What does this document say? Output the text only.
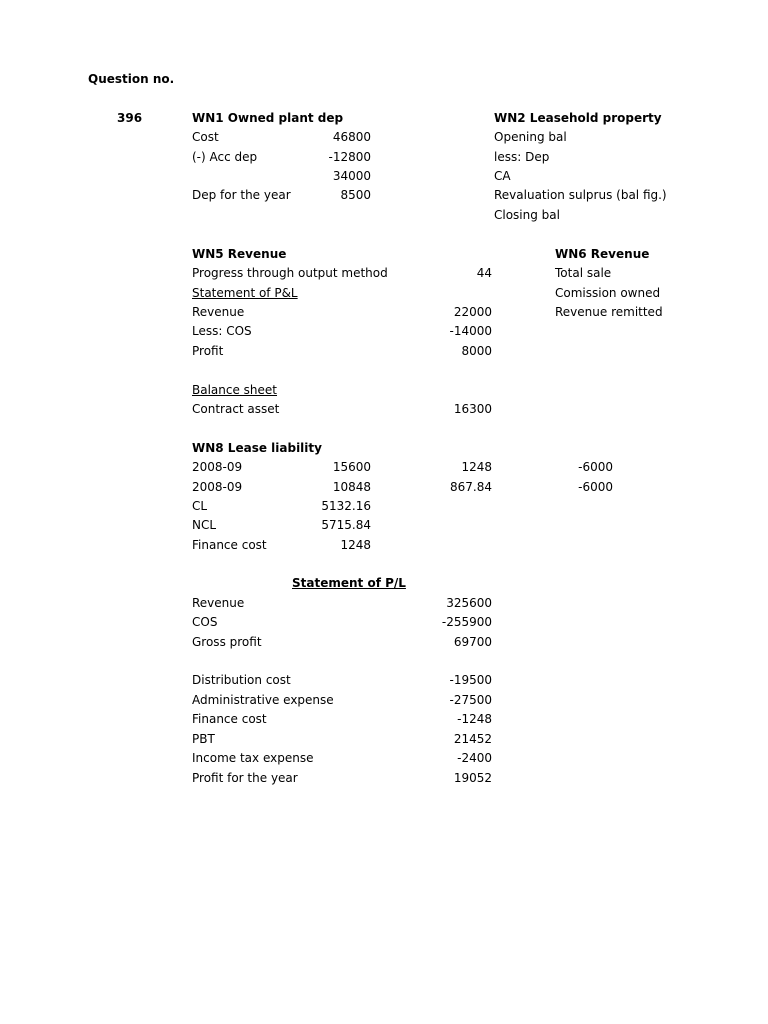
Question no.
396	WN1 Owned plant dep
Cost	46800
(-) Acc dep	-12800
34000
Dep for the year	8500
WN2 Leasehold property
Opening bal
less: Dep
CA
Revaluation sulprus (bal fig.)
Closing bal
WN5 Revenue
Progress through output method	44
Statement of P&L
Revenue	22000
Less: COS	-14000
Profit	8000
Balance sheet
Contract asset	16300
WN6 Revenue
Total sale
Comission owned
Revenue remitted
WN8 Lease liability
2008-09	15600	1248	-6000
2008-09	10848	867.84	-6000
CL	5132.16
NCL	5715.84
Finance cost	1248
Statement of P/L
Revenue	325600
COS	-255900
Gross profit	69700
Distribution cost	-19500
Administrative expense	-27500
Finance cost	-1248
PBT	21452
Income tax expense	-2400
Profit for the year	19052
